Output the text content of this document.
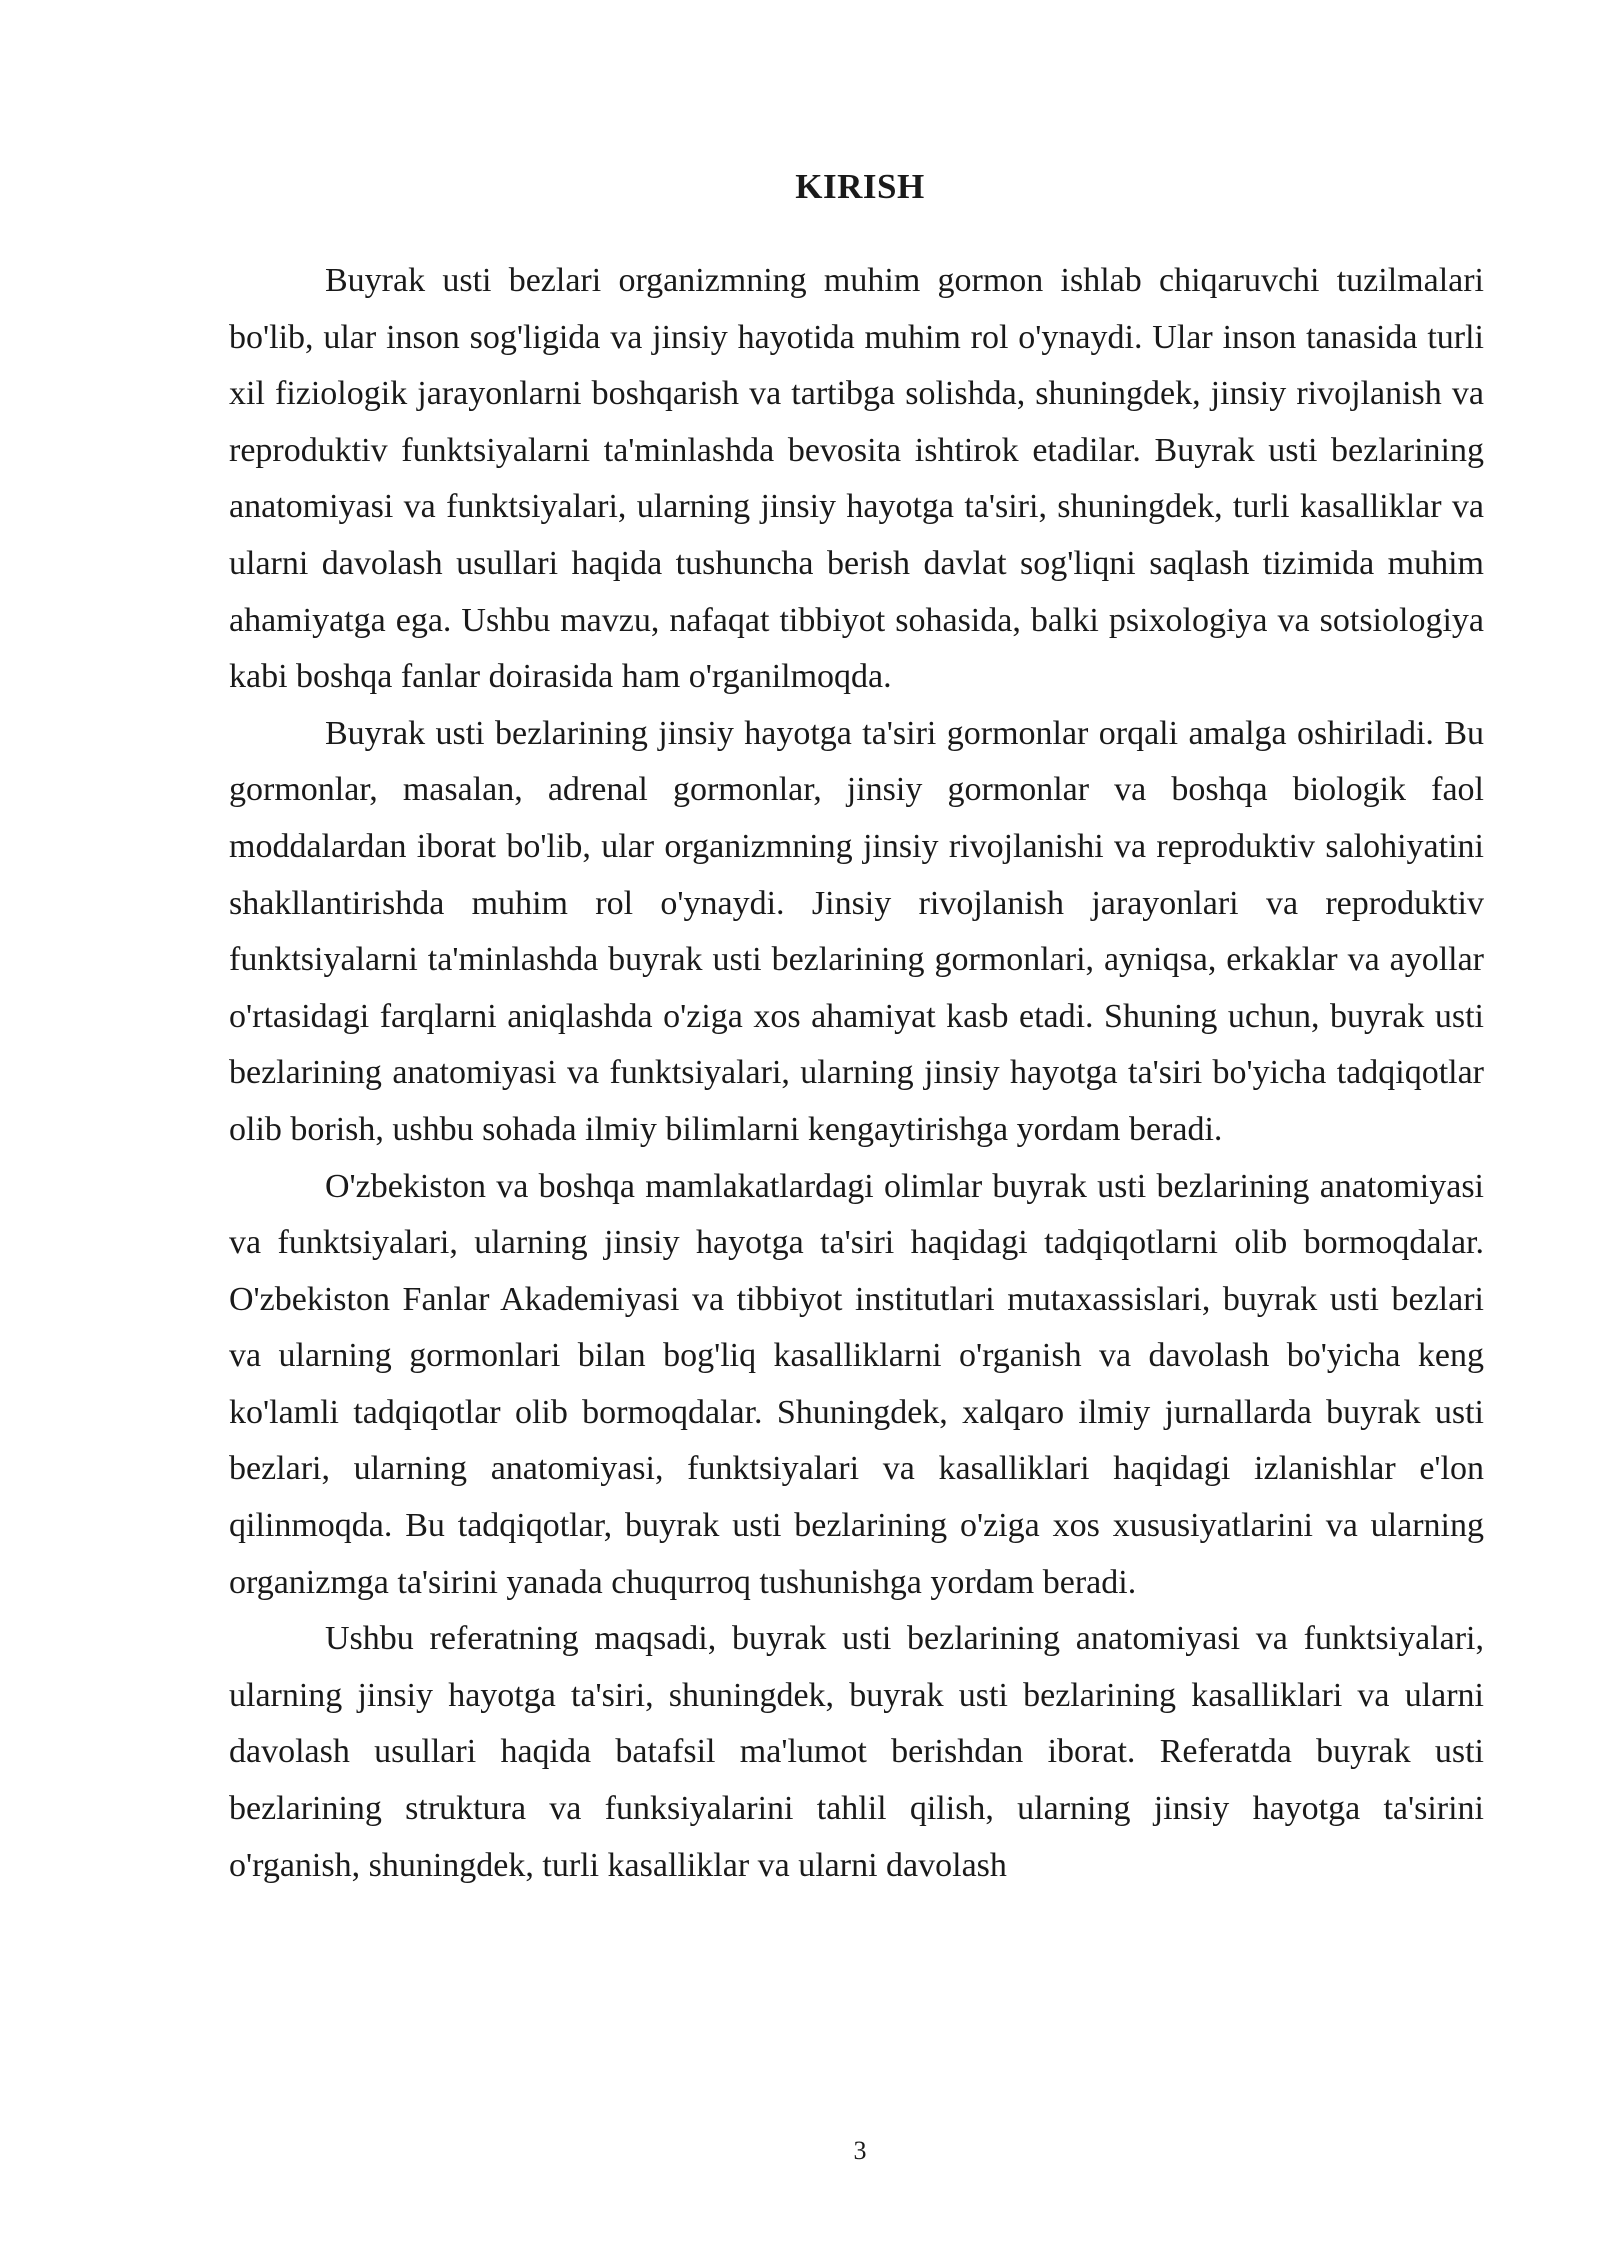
KIRISH

Buyrak usti bezlari organizmning muhim gormon ishlab chiqaruvchi tuzilmalari bo'lib, ular inson sog'ligida va jinsiy hayotida muhim rol o'ynaydi. Ular inson tanasida turli xil fiziologik jarayonlarni boshqarish va tartibga solishda, shuningdek, jinsiy rivojlanish va reproduktiv funktsiyalarni ta'minlashda bevosita ishtirok etadilar. Buyrak usti bezlarining anatomiyasi va funktsiyalari, ularning jinsiy hayotga ta'siri, shuningdek, turli kasalliklar va ularni davolash usullari haqida tushuncha berish davlat sog'liqni saqlash tizimida muhim ahamiyatga ega. Ushbu mavzu, nafaqat tibbiyot sohasida, balki psixologiya va sotsiologiya kabi boshqa fanlar doirasida ham o'rganilmoqda.

Buyrak usti bezlarining jinsiy hayotga ta'siri gormonlar orqali amalga oshiriladi. Bu gormonlar, masalan, adrenal gormonlar, jinsiy gormonlar va boshqa biologik faol moddalardan iborat bo'lib, ular organizmning jinsiy rivojlanishi va reproduktiv salohiyatini shakllantirishda muhim rol o'ynaydi. Jinsiy rivojlanish jarayonlari va reproduktiv funktsiyalarni ta'minlashda buyrak usti bezlarining gormonlari, ayniqsa, erkaklar va ayollar o'rtasidagi farqlarni aniqlashda o'ziga xos ahamiyat kasb etadi. Shuning uchun, buyrak usti bezlarining anatomiyasi va funktsiyalari, ularning jinsiy hayotga ta'siri bo'yicha tadqiqotlar olib borish, ushbu sohada ilmiy bilimlarni kengaytirishga yordam beradi.

O'zbekiston va boshqa mamlakatlardagi olimlar buyrak usti bezlarining anatomiyasi va funktsiyalari, ularning jinsiy hayotga ta'siri haqidagi tadqiqotlarni olib bormoqdalar. O'zbekiston Fanlar Akademiyasi va tibbiyot institutlari mutaxassislari, buyrak usti bezlari va ularning gormonlari bilan bog'liq kasalliklarni o'rganish va davolash bo'yicha keng ko'lamli tadqiqotlar olib bormoqdalar. Shuningdek, xalqaro ilmiy jurnallarda buyrak usti bezlari, ularning anatomiyasi, funktsiyalari va kasalliklari haqidagi izlanishlar e'lon qilinmoqda. Bu tadqiqotlar, buyrak usti bezlarining o'ziga xos xususiyatlarini va ularning organizmga ta'sirini yanada chuqurroq tushunishga yordam beradi.

Ushbu referatning maqsadi, buyrak usti bezlarining anatomiyasi va funktsiyalari, ularning jinsiy hayotga ta'siri, shuningdek, buyrak usti bezlarining kasalliklari va ularni davolash usullari haqida batafsil ma'lumot berishdan iborat. Referatda buyrak usti bezlarining struktura va funksiyalarini tahlil qilish, ularning jinsiy hayotga ta'sirini o'rganish, shuningdek, turli kasalliklar va ularni davolash

3
